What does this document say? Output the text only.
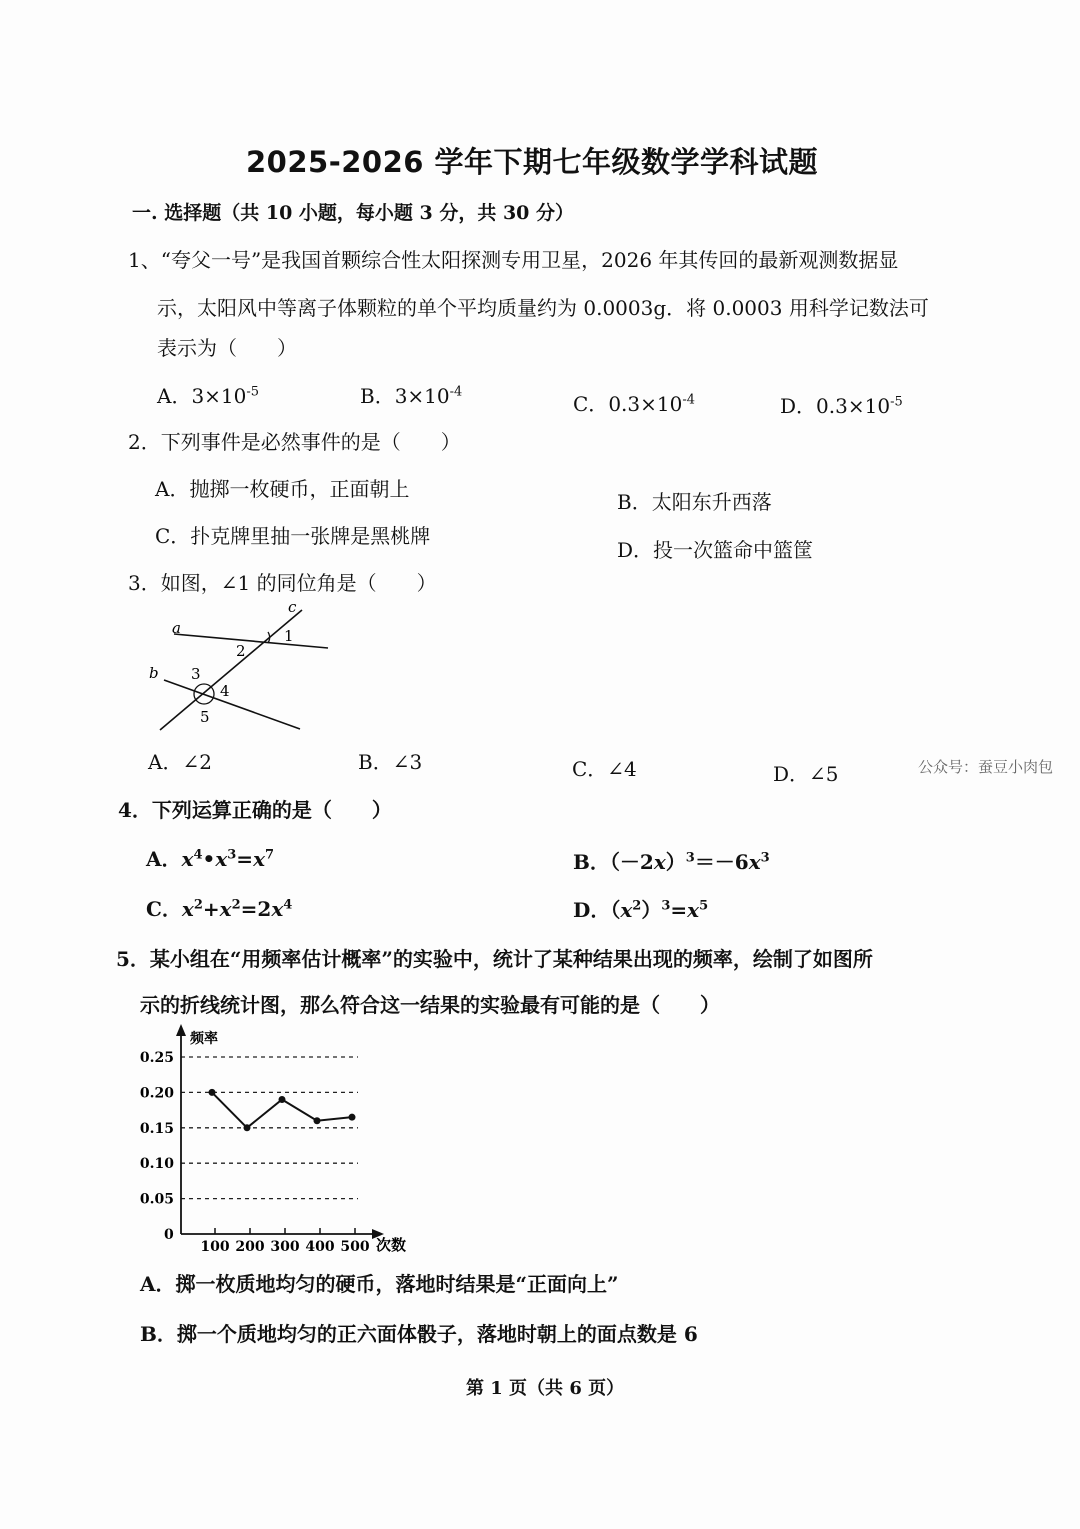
2025-2026 学年下期七年级数学学科试题
一. 选择题（共 10 小题，每小题 3 分，共 30 分）
1、“夸父一号”是我国首颗综合性太阳探测专用卫星，2026 年其传回的最新观测数据显
示，太阳风中等离子体颗粒的单个平均质量约为 0.0003g．将 0.0003 用科学记数法可
表示为（　　）
A．$3\times 10^{-5}$	B．$3\times 10^{-4}$
C．$0.3\times 10^{-4}$	D．$0.3\times 10^{-5}$
2．下列事件是必然事件的是（　　）
A．抛掷一枚硬币，正面朝上
B．太阳东升西落
C．扑克牌里抽一张牌是黑桃牌
D．投一次篮命中篮筐
3．如图，∠1 的同位角是（　　）
a
b
c
1
2
3
4
5
A．∠2	B．∠3	C．∠4	D．∠5	公众号：蚕豆小肉包
4．下列运算正确的是（　　）
A．$x^4•x^3=x^7$	B．$(-2x)^3=-6x^3$
C．$x^2+x^2=2x^4$	D．$(x^2)^3=x^5$
5．某小组在“用频率估计概率”的实验中，统计了某种结果出现的频率，绘制了如图所
示的折线统计图，那么符合这一结果的实验最有可能的是（　　）
频率
次数
0
0.25
0.20
0.15
0.10
0.05
100 200 300 400 500
A．掷一枚质地均匀的硬币，落地时结果是“正面向上”
B．掷一个质地均匀的正六面体骰子，落地时朝上的面点数是 6
第 1 页（共 6 页）
